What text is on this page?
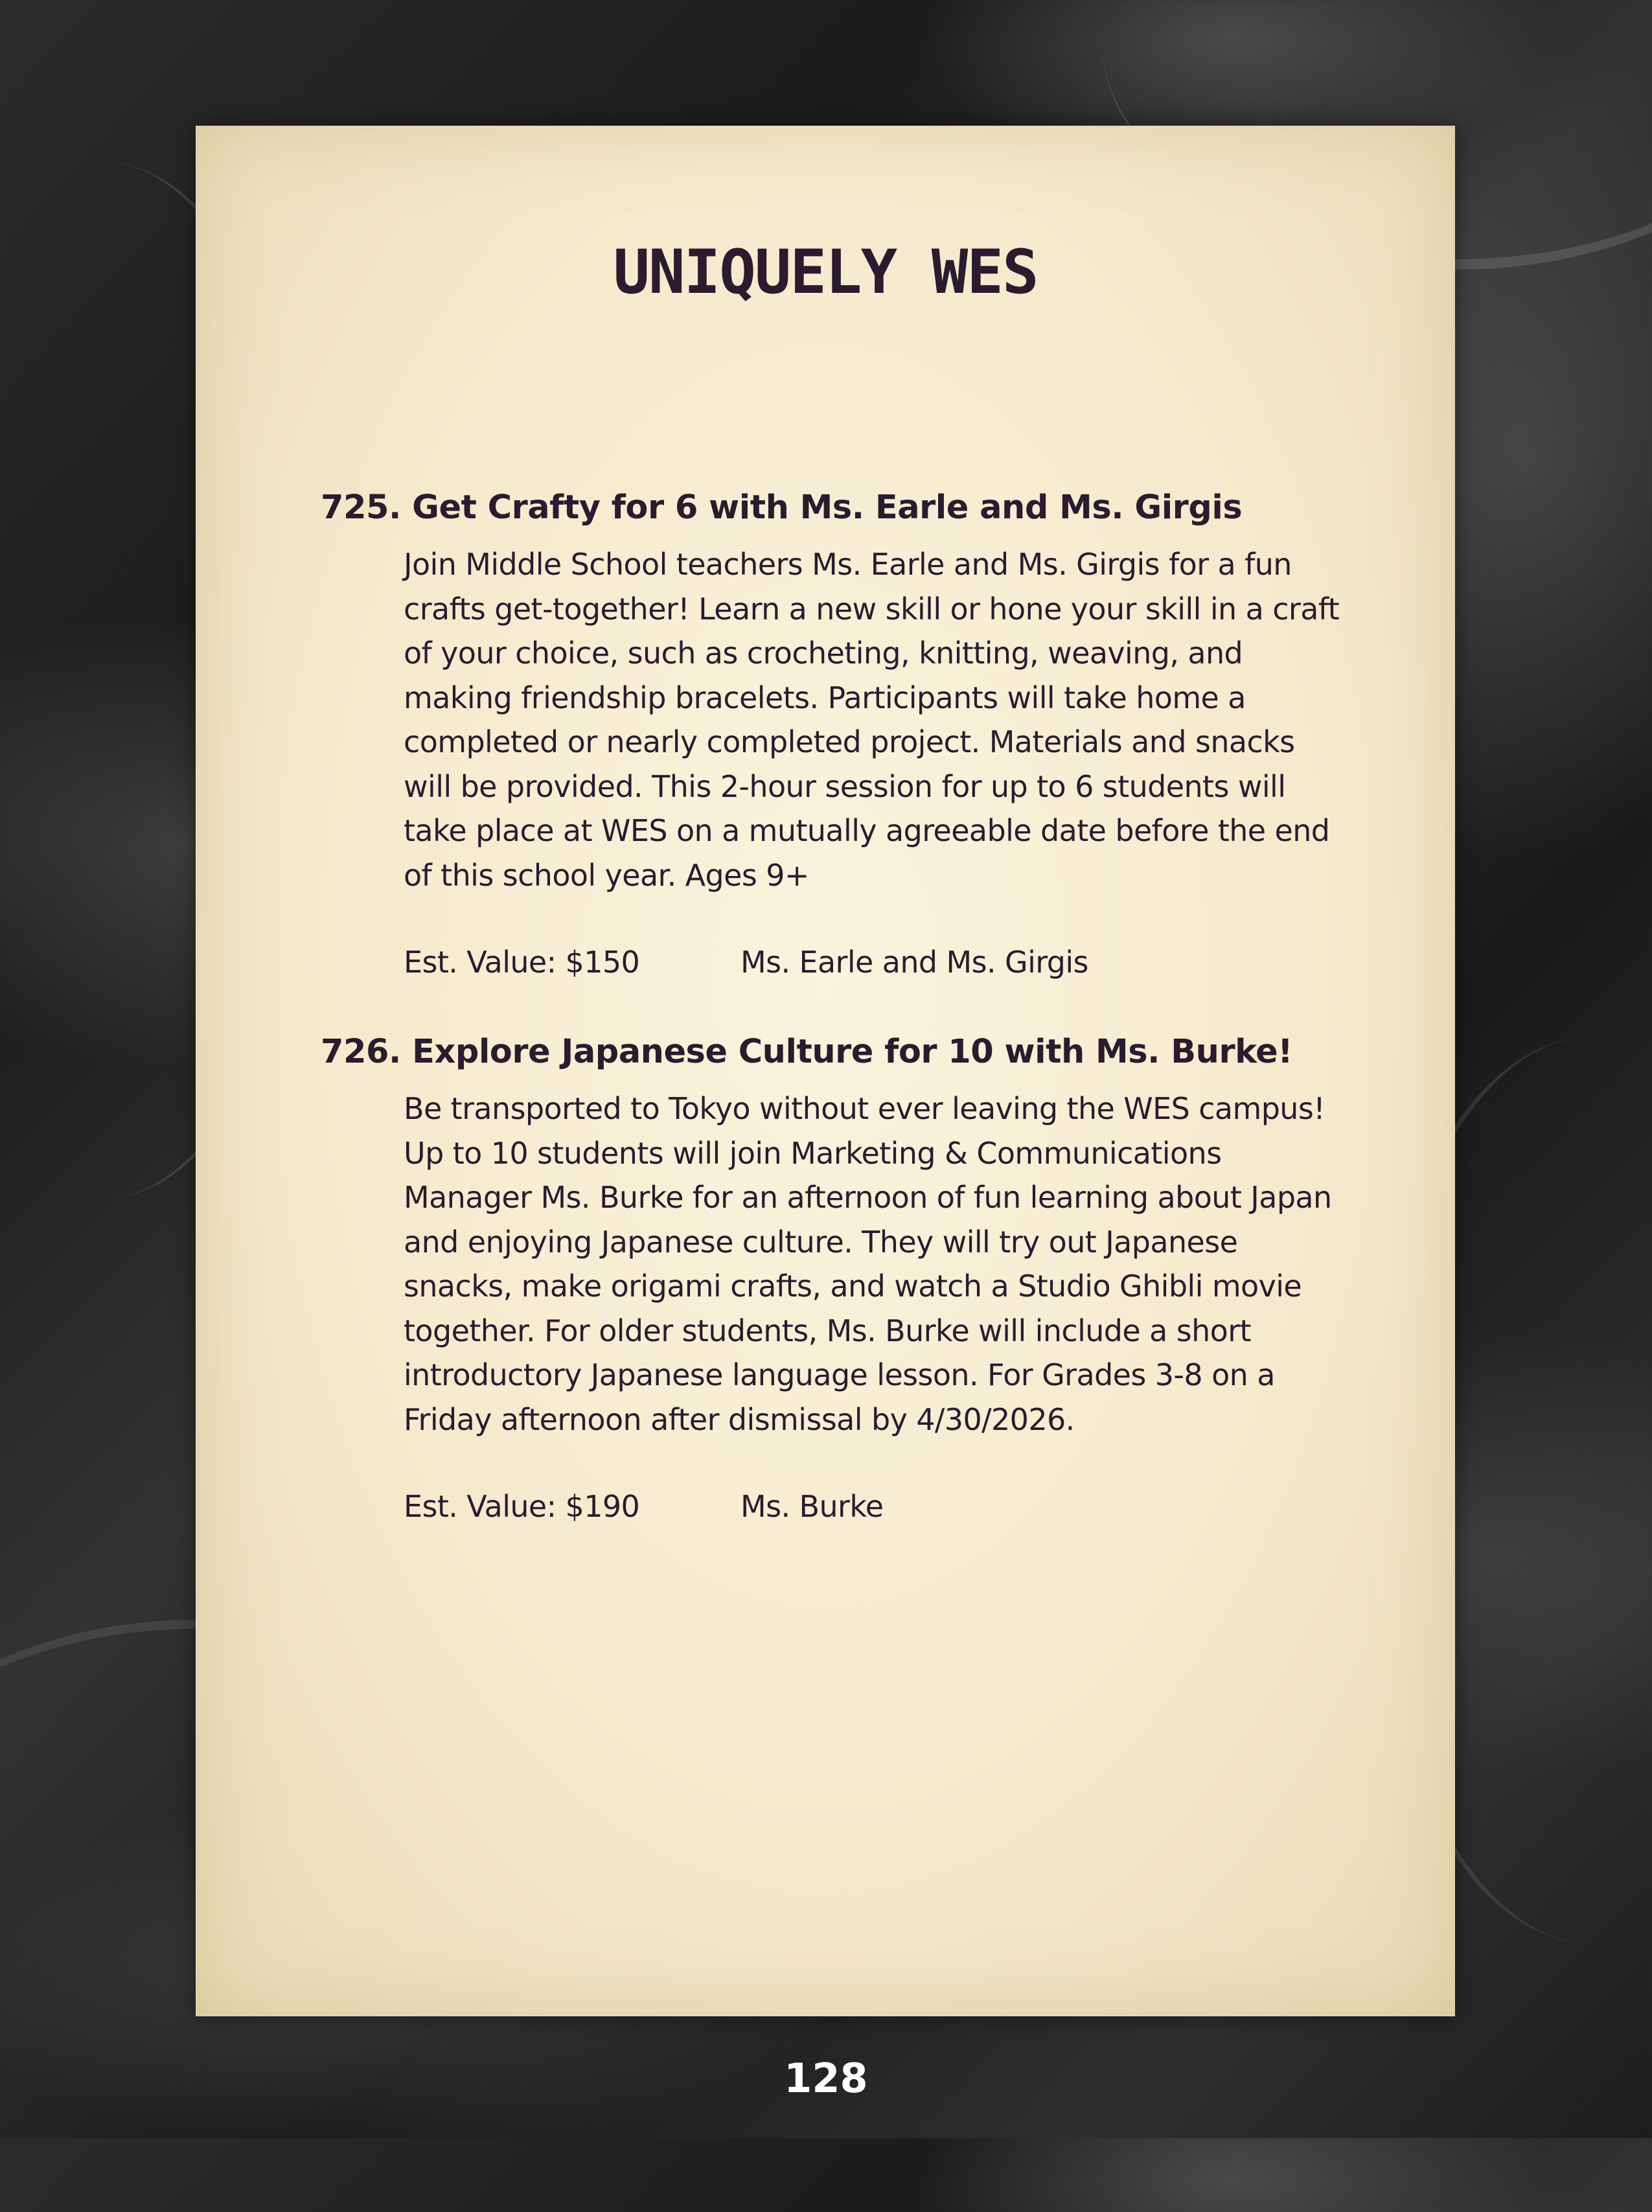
UNIQUELY WES
725. Get Crafty for 6 with Ms. Earle and Ms. Girgis

Join Middle School teachers Ms. Earle and Ms. Girgis for a fun crafts get-together! Learn a new skill or hone your skill in a craft of your choice, such as crocheting, knitting, weaving, and making friendship bracelets. Participants will take home a completed or nearly completed project. Materials and snacks will be provided. This 2-hour session for up to 6 students will take place at WES on a mutually agreeable date before the end of this school year. Ages 9+

Est. Value: $150	Ms. Earle and Ms. Girgis
726. Explore Japanese Culture for 10 with Ms. Burke!

Be transported to Tokyo without ever leaving the WES campus! Up to 10 students will join Marketing & Communications Manager Ms. Burke for an afternoon of fun learning about Japan and enjoying Japanese culture. They will try out Japanese snacks, make origami crafts, and watch a Studio Ghibli movie together. For older students, Ms. Burke will include a short introductory Japanese language lesson. For Grades 3-8 on a Friday afternoon after dismissal by 4/30/2026.

Est. Value: $190	Ms. Burke
128
